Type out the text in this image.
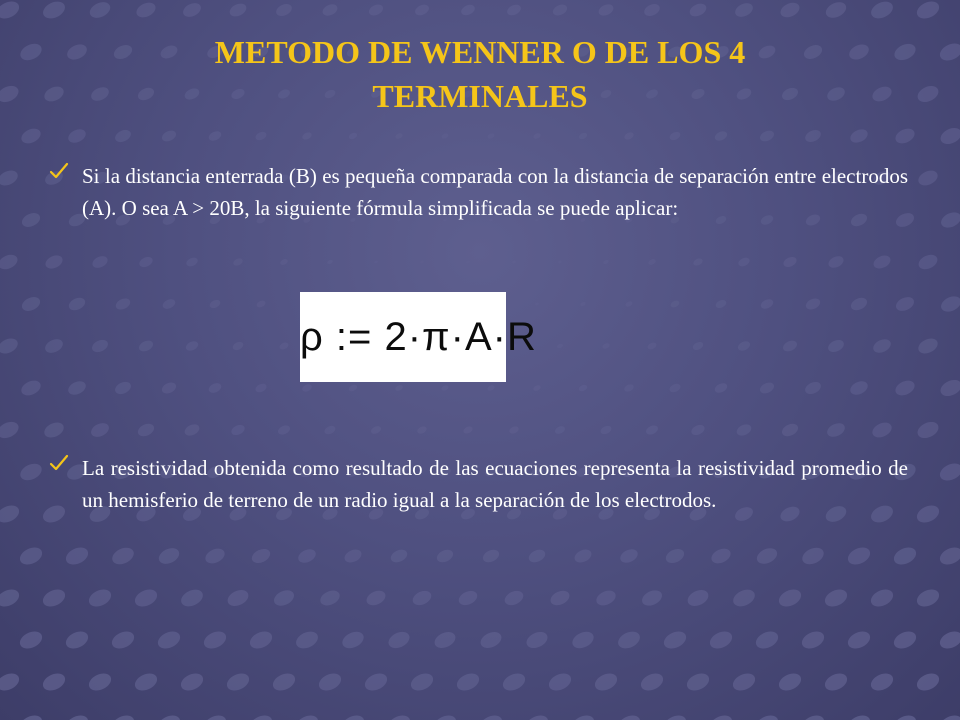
METODO DE WENNER O DE LOS 4
TERMINALES
Si la distancia enterrada (B) es pequeña comparada con la distancia de separación entre electrodos (A). O sea A > 20B, la siguiente fórmula simplificada se puede aplicar:
ρ := 2·π·A·R
La resistividad obtenida como resultado de las ecuaciones representa la resistividad promedio de un hemisferio de terreno de un radio igual a la separación de los electrodos.
